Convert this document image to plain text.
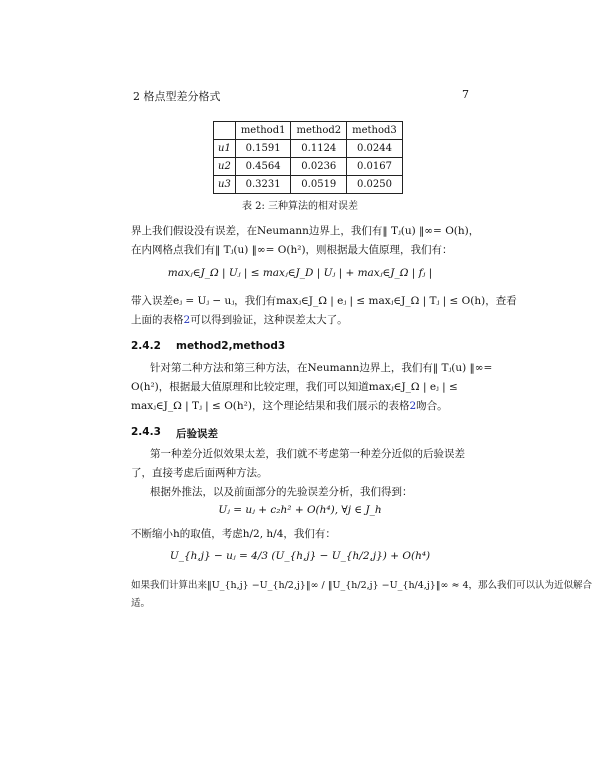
2 格点型差分格式	7
	method1	method2	method3
u1	0.1591	0.1124	0.0244
u2	0.4564	0.0236	0.0167
u3	0.3231	0.0519	0.0250
表 2: 三种算法的相对误差
界上我们假设没有误差，在Neumann边界上，我们有‖ Tⱼ(u) ‖∞= O(h)，
在内网格点我们有‖ Tⱼ(u) ‖∞= O(h²)，则根据最大值原理，我们有：
maxⱼ∈J_Ω | Uⱼ | ≤ maxⱼ∈J_D | Uⱼ | + maxⱼ∈J_Ω | fⱼ |
带入误差eⱼ = Uⱼ − uⱼ，我们有maxⱼ∈J_Ω | eⱼ | ≤ maxⱼ∈J_Ω | Tⱼ | ≤ O(h)，查看
上面的表格2可以得到验证，这种误差太大了。
2.4.2 method2,method3
针对第二种方法和第三种方法，在Neumann边界上，我们有‖ Tⱼ(u) ‖∞=
O(h²)，根据最大值原理和比较定理，我们可以知道maxⱼ∈J_Ω | eⱼ | ≤
maxⱼ∈J_Ω | Tⱼ | ≤ O(h²)，这个理论结果和我们展示的表格2吻合。
2.4.3 后验误差
第一种差分近似效果太差，我们就不考虑第一种差分近似的后验误差
了，直接考虑后面两种方法。
根据外推法，以及前面部分的先验误差分析，我们得到：
Uⱼ = uⱼ + c₂h² + O(h⁴), ∀j ∈ J_h
不断缩小h的取值，考虑h/2, h/4，我们有：
U_{h,j} − uⱼ = 4/3 (U_{h,j} − U_{h/2,j}) + O(h⁴)
如果我们计算出来‖U_{h,j} −U_{h/2,j}‖∞ / ‖U_{h/2,j} −U_{h/4,j}‖∞ ≈ 4，那么我们可以认为近似解合适。
